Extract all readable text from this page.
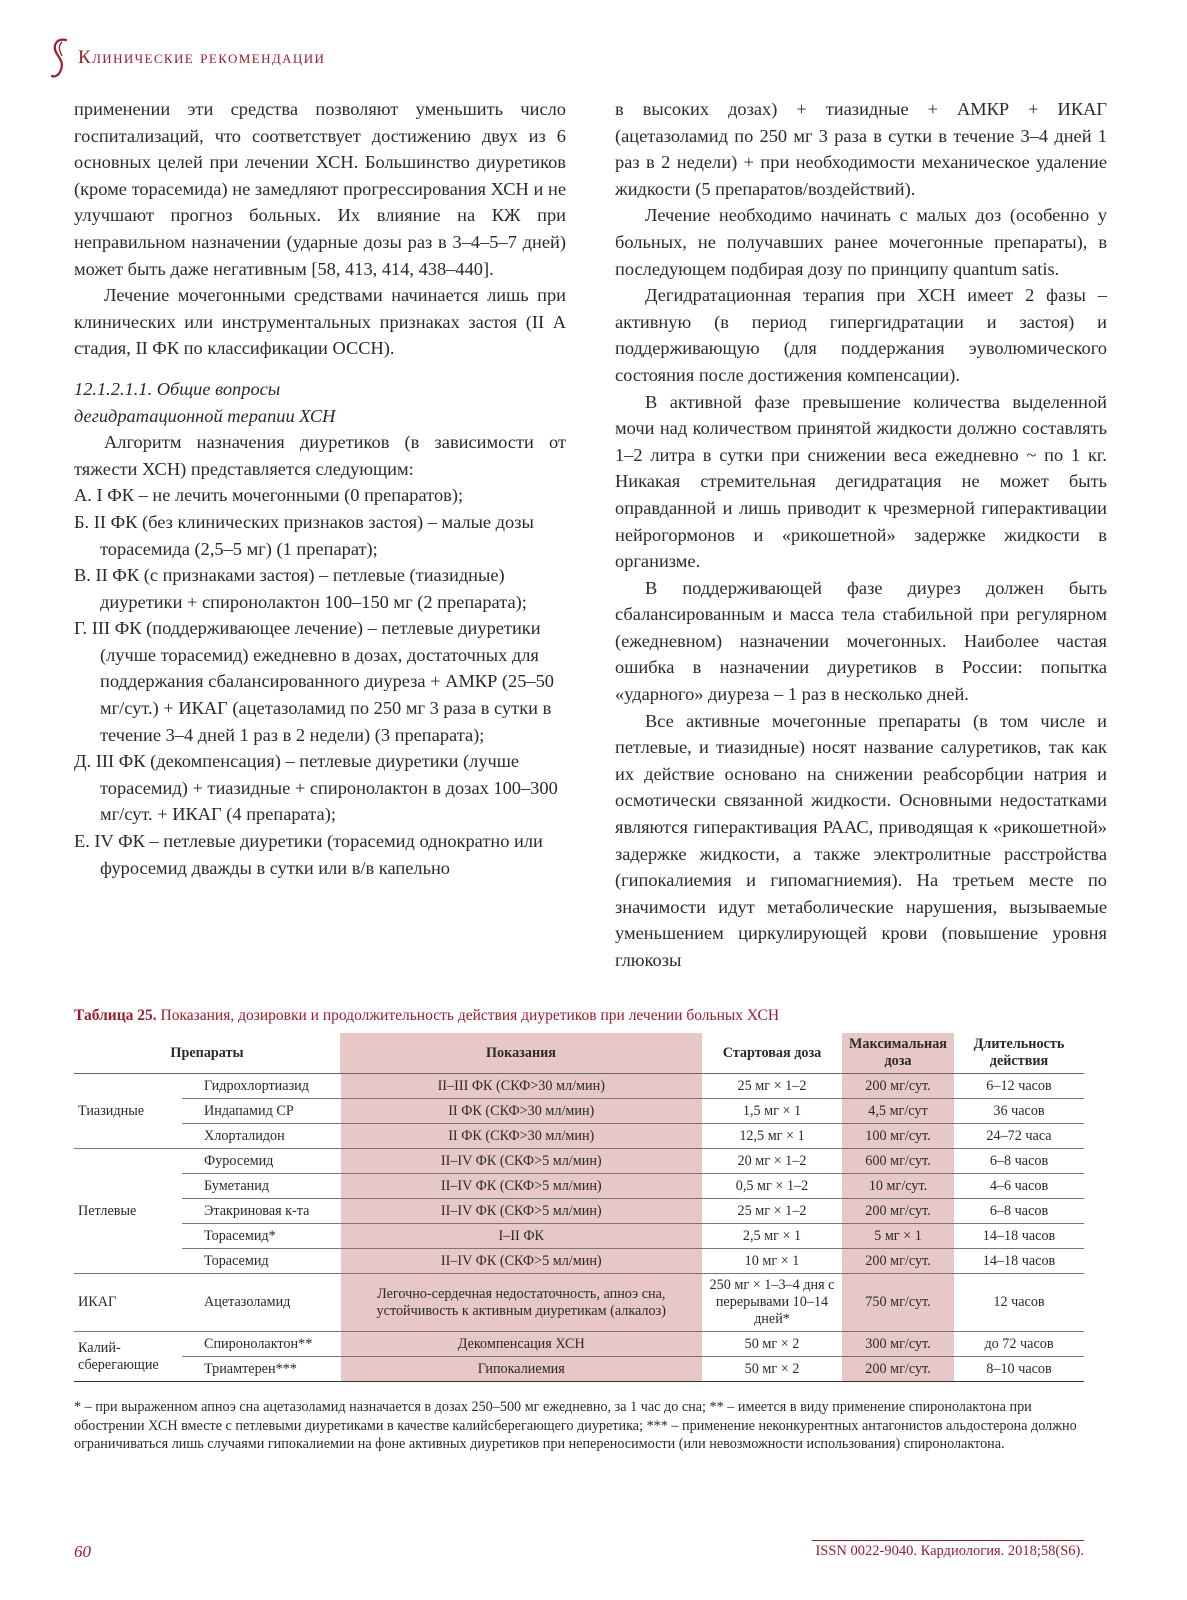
Клинические рекомендации

применении эти средства позволяют уменьшить число госпитализаций, что соответствует достижению двух из 6 основных целей при лечении ХСН. Большинство диуретиков (кроме торасемида) не замедляют прогрессирования ХСН и не улучшают прогноз больных. Их влияние на КЖ при неправильном назначении (ударные дозы раз в 3–4–5–7 дней) может быть даже негативным [58, 413, 414, 438–440].

Лечение мочегонными средствами начинается лишь при клинических или инструментальных признаках застоя (II А стадия, II ФК по классификации ОССН).

12.1.2.1.1. Общие вопросы

дегидратационной терапии ХСН

Алгоритм назначения диуретиков (в зависимости от тяжести ХСН) представляется следующим:

А. I ФК – не лечить мочегонными (0 препаратов);

Б. II ФК (без клинических признаков застоя) – малые дозы торасемида (2,5–5 мг) (1 препарат);

В. II ФК (с признаками застоя) – петлевые (тиазидные) диуретики + спиронолактон 100–150 мг (2 препарата);

Г. III ФК (поддерживающее лечение) – петлевые диуретики (лучше торасемид) ежедневно в дозах, достаточных для поддержания сбалансированного диуреза + АМКР (25–50 мг/сут.) + ИКАГ (ацетазоламид по 250 мг 3 раза в сутки в течение 3–4 дней 1 раз в 2 недели) (3 препарата);

Д. III ФК (декомпенсация) – петлевые диуретики (лучше торасемид) + тиазидные + спиронолактон в дозах 100–300 мг/сут. + ИКАГ (4 препарата);

Е. IV ФК – петлевые диуретики (торасемид однократно или фуросемид дважды в сутки или в/в капельно

в высоких дозах) + тиазидные + АМКР + ИКАГ (ацетазоламид по 250 мг 3 раза в сутки в течение 3–4 дней 1 раз в 2 недели) + при необходимости механическое удаление жидкости (5 препаратов/воздействий).

Лечение необходимо начинать с малых доз (особенно у больных, не получавших ранее мочегонные препараты), в последующем подбирая дозу по принципу quantum satis.

Дегидратационная терапия при ХСН имеет 2 фазы – активную (в период гипергидратации и застоя) и поддерживающую (для поддержания эуволюмического состояния после достижения компенсации).

В активной фазе превышение количества выделенной мочи над количеством принятой жидкости должно составлять 1–2 литра в сутки при снижении веса ежедневно ~ по 1 кг. Никакая стремительная дегидратация не может быть оправданной и лишь приводит к чрезмерной гиперактивации нейрогормонов и «рикошетной» задержке жидкости в организме.

В поддерживающей фазе диурез должен быть сбалансированным и масса тела стабильной при регулярном (ежедневном) назначении мочегонных. Наиболее частая ошибка в назначении диуретиков в России: попытка «ударного» диуреза – 1 раз в несколько дней.

Все активные мочегонные препараты (в том числе и петлевые, и тиазидные) носят название салуретиков, так как их действие основано на снижении реабсорбции натрия и осмотически связанной жидкости. Основными недостатками являются гиперактивация РААС, приводящая к «рикошетной» задержке жидкости, а также электролитные расстройства (гипокалиемия и гипомагниемия). На третьем месте по значимости идут метаболические нарушения, вызываемые уменьшением циркулирующей крови (повышение уровня глюкозы

Таблица 25. Показания, дозировки и продолжительность действия диуретиков при лечении больных ХСН
Препараты		Показания	Стартовая доза	Максимальная доза	Длительность действия
Тиазидные	Гидрохлортиазид	II–III ФК (СКФ>30 мл/мин)	25 мг × 1–2	200 мг/сут.	6–12 часов
	Индапамид СР	II ФК (СКФ>30 мл/мин)	1,5 мг × 1	4,5 мг/сут	36 часов
	Хлорталидон	II ФК (СКФ>30 мл/мин)	12,5 мг × 1	100 мг/сут.	24–72 часа
Петлевые	Фуросемид	II–IV ФК (СКФ>5 мл/мин)	20 мг × 1–2	600 мг/сут.	6–8 часов
	Буметанид	II–IV ФК (СКФ>5 мл/мин)	0,5 мг × 1–2	10 мг/сут.	4–6 часов
	Этакриновая к-та	II–IV ФК (СКФ>5 мл/мин)	25 мг × 1–2	200 мг/сут.	6–8 часов
	Торасемид*	I–II ФК	2,5 мг × 1	5 мг × 1	14–18 часов
	Торасемид	II–IV ФК (СКФ>5 мл/мин)	10 мг × 1	200 мг/сут.	14–18 часов
ИКАГ	Ацетазоламид	Легочно-сердечная недостаточность, апноэ сна, устойчивость к активным диуретикам (алкалоз)	250 мг × 1–3–4 дня с перерывами 10–14 дней*	750 мг/сут.	12 часов
Калий-сберегающие	Спиронолактон**	Декомпенсация ХСН	50 мг × 2	300 мг/сут.	до 72 часов
	Триамтерен***	Гипокалиемия	50 мг × 2	200 мг/сут.	8–10 часов
* – при выраженном апноэ сна ацетазоламид назначается в дозах 250–500 мг ежедневно, за 1 час до сна; ** – имеется в виду применение спиронолактона при обострении ХСН вместе с петлевыми диуретиками в качестве калийсберегающего диуретика; *** – применение неконкурентных антагонистов альдостерона должно ограничиваться лишь случаями гипокалиемии на фоне активных диуретиков при непереносимости (или невозможности использования) спиронолактона.
60	ISSN 0022-9040. Кардиология. 2018;58(S6).
